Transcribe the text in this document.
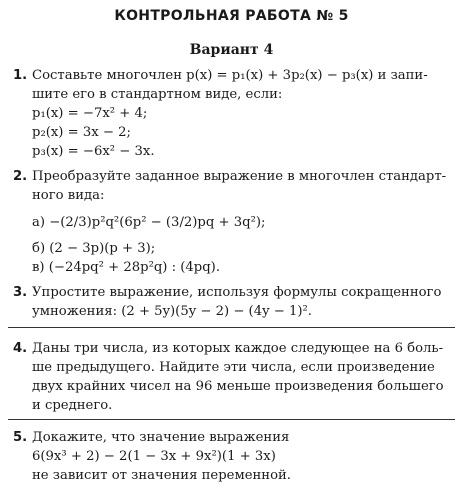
КОНТРОЛЬНАЯ РАБОТА № 5
Вариант 4
1. Составьте многочлен p(x) = p₁(x) + 3p₂(x) − p₃(x) и запи-
шите его в стандартном виде, если:
p₁(x) = −7x² + 4;
p₂(x) = 3x − 2;
p₃(x) = −6x² − 3x.
2. Преобразуйте заданное выражение в многочлен стандарт-
ного вида:
а) −(2/3)p²q²(6p² − (3/2)pq + 3q²);
б) (2 − 3p)(p + 3);
в) (−24pq² + 28p²q) : (4pq).
3. Упростите выражение, используя формулы сокращенного
умножения: (2 + 5y)(5y − 2) − (4y − 1)².
4. Даны три числа, из которых каждое следующее на 6 боль-
ше предыдущего. Найдите эти числа, если произведение
двух крайних чисел на 96 меньше произведения большего
и среднего.
5. Докажите, что значение выражения
6(9x³ + 2) − 2(1 − 3x + 9x²)(1 + 3x)
не зависит от значения переменной.
